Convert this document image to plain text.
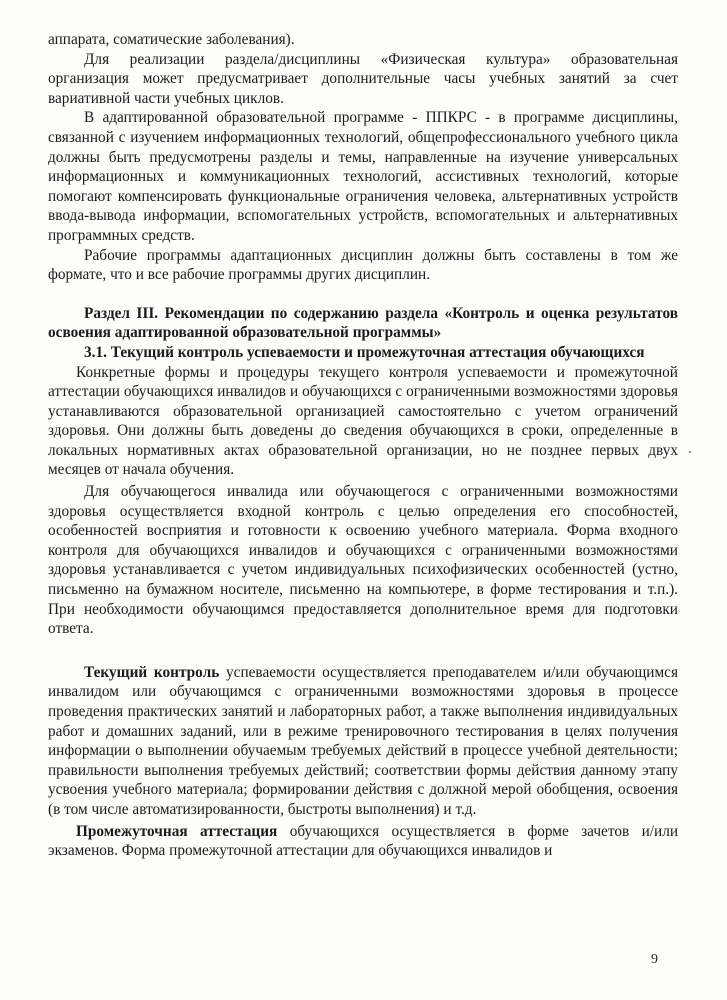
аппарата, соматические заболевания).

Для реализации раздела/дисциплины «Физическая культура» образовательная организация может предусматривает дополнительные часы учебных занятий за счет вариативной части учебных циклов.

В адаптированной образовательной программе - ППКРС - в программе дисциплины, связанной с изучением информационных технологий, общепрофессионального учебного цикла должны быть предусмотрены разделы и темы, направленные на изучение универсальных информационных и коммуникационных технологий, ассистивных технологий, которые помогают компенсировать функциональные ограничения человека, альтернативных устройств ввода-вывода информации, вспомогательных устройств, вспомогательных и альтернативных программных средств.

Рабочие программы адаптационных дисциплин должны быть составлены в том же формате, что и все рабочие программы других дисциплин.

Раздел III. Рекомендации по содержанию раздела «Контроль и оценка результатов освоения адаптированной образовательной программы»

3.1. Текущий контроль успеваемости и промежуточная аттестация обучающихся

Конкретные формы и процедуры текущего контроля успеваемости и промежуточной аттестации обучающихся инвалидов и обучающихся с ограниченными возможностями здоровья устанавливаются образовательной организацией самостоятельно с учетом ограничений здоровья. Они должны быть доведены до сведения обучающихся в сроки, определенные в локальных нормативных актах образовательной организации, но не позднее первых двух месяцев от начала обучения.

Для обучающегося инвалида или обучающегося с ограниченными возможностями здоровья осуществляется входной контроль с целью определения его способностей, особенностей восприятия и готовности к освоению учебного материала. Форма входного контроля для обучающихся инвалидов и обучающихся с ограниченными возможностями здоровья устанавливается с учетом индивидуальных психофизических особенностей (устно, письменно на бумажном носителе, письменно на компьютере, в форме тестирования и т.п.). При необходимости обучающимся предоставляется дополнительное время для подготовки ответа.

Текущий контроль успеваемости осуществляется преподавателем и/или обучающимся инвалидом или обучающимся с ограниченными возможностями здоровья в процессе проведения практических занятий и лабораторных работ, а также выполнения индивидуальных работ и домашних заданий, или в режиме тренировочного тестирования в целях получения информации о выполнении обучаемым требуемых действий в процессе учебной деятельности; правильности выполнения требуемых действий; соответствии формы действия данному этапу усвоения учебного материала; формировании действия с должной мерой обобщения, освоения (в том числе автоматизированности, быстроты выполнения) и т.д.

Промежуточная аттестация обучающихся осуществляется в форме зачетов и/или экзаменов. Форма промежуточной аттестации для обучающихся инвалидов и

9
